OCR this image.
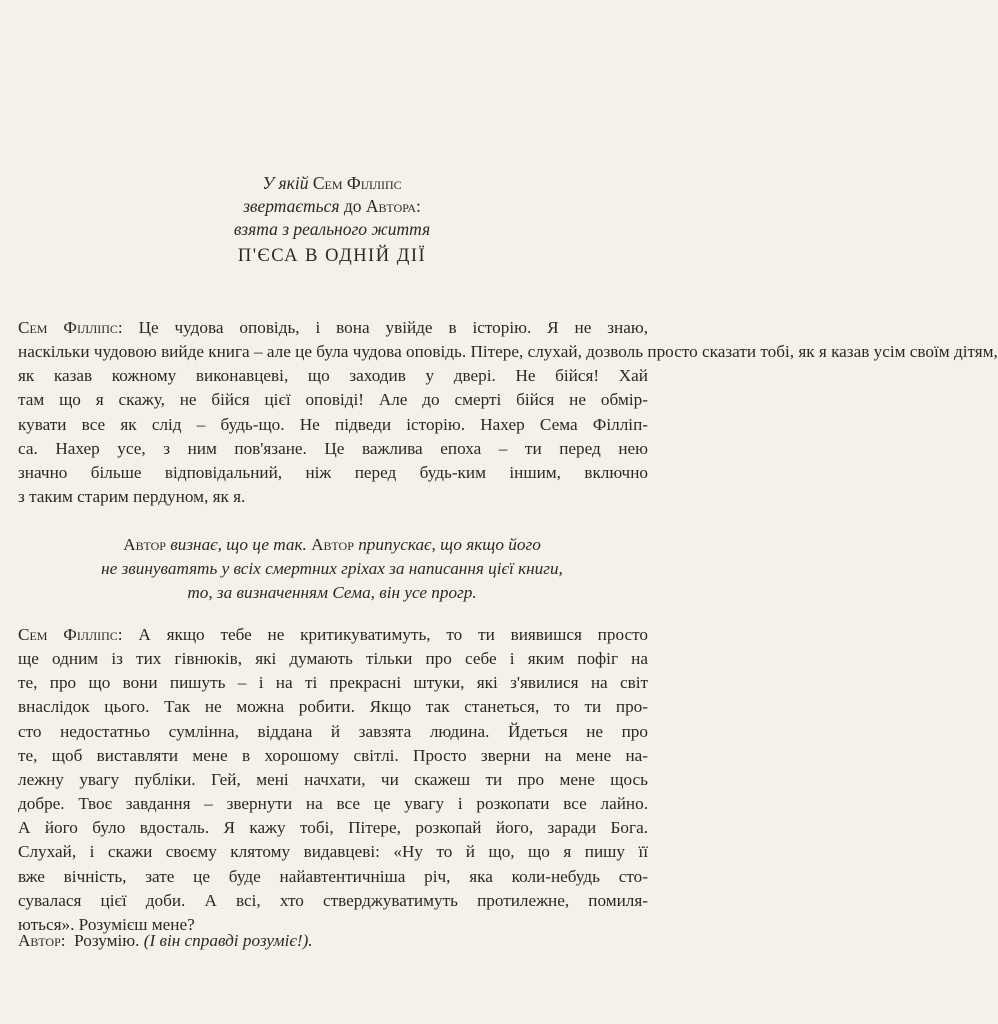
У якій Сем Філліпс
звертається до Автора:
взята з реального життя
П'ЄСА В ОДНІЙ ДІЇ
Сем Філліпс: Це чудова оповідь, і вона увійде в історію. Я не знаю,
наскільки чудовою вийде книга – але це була чудова оповідь. Пітере, слухай, дозволь просто сказати тобі, як я казав усім своїм дітям,
як казав кожному виконавцеві, що заходив у двері. Не бійся! Хай
там що я скажу, не бійся цієї оповіді! Але до смерті бійся не обмір-
кувати все як слід – будь-що. Не підведи історію. Нахер Сема Філліп-
са. Нахер усе, з ним пов'язане. Це важлива епоха – ти перед нею
значно більше відповідальний, ніж перед будь-ким іншим, включно
з таким старим пердуном, як я.
Автор визнає, що це так. Автор припускає, що якщо його
не звинуватять у всіх смертних гріхах за написання цієї книги,
то, за визначенням Сема, він усе прогр.
Сем Філліпс: А якщо тебе не критикуватимуть, то ти виявишся просто
ще одним із тих гівнюків, які думають тільки про себе і яким пофіг на
те, про що вони пишуть – і на ті прекрасні штуки, які з'явилися на світ
внаслідок цього. Так не можна робити. Якщо так станеться, то ти про-
сто недостатньо сумлінна, віддана й завзята людина. Йдеться не про
те, щоб виставляти мене в хорошому світлі. Просто зверни на мене на-
лежну увагу публіки. Гей, мені начхати, чи скажеш ти про мене щось
добре. Твоє завдання – звернути на все це увагу і розкопати все лайно.
А його було вдосталь. Я кажу тобі, Пітере, розкопай його, заради Бога.
Слухай, і скажи своєму клятому видавцеві: «Ну то й що, що я пишу її
вже вічність, зате це буде найавтентичніша річ, яка коли-небудь сто-
сувалася цієї доби. А всі, хто стверджуватимуть протилежне, помиля-
ються». Розумієш мене?
Автор: Розумію. (І він справді розуміє!).
